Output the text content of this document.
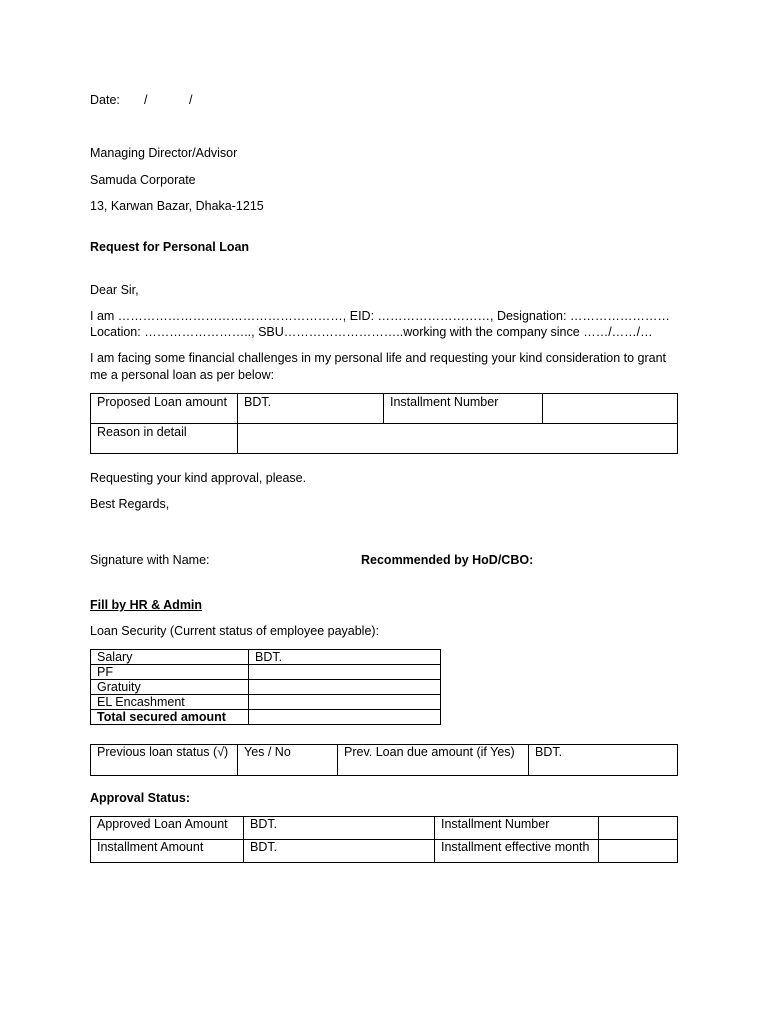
Date: /	/
Managing Director/Advisor
Samuda Corporate
13, Karwan Bazar, Dhaka-1215
Request for Personal Loan
Dear Sir,
I am ………………………………………………, EID: ………………………, Designation: ……………………
Location: …………………….., SBU………………………..working with the company since ……/……/…
I am facing some financial challenges in my personal life and requesting your kind consideration to grant
me a personal loan as per below:
Proposed Loan amount	BDT.	Installment Number	
Reason in detail			
Requesting your kind approval, please.
Best Regards,
Signature with Name:	Recommended by HoD/CBO:
Fill by HR & Admin
Loan Security (Current status of employee payable):
Salary	BDT.
PF	
Gratuity	
EL Encashment	
Total secured amount	
Previous loan status (√)	Yes / No	Prev. Loan due amount (if Yes)	BDT.
Approval Status:
Approved Loan Amount	BDT.	Installment Number	
Installment Amount	BDT.	Installment effective month	
